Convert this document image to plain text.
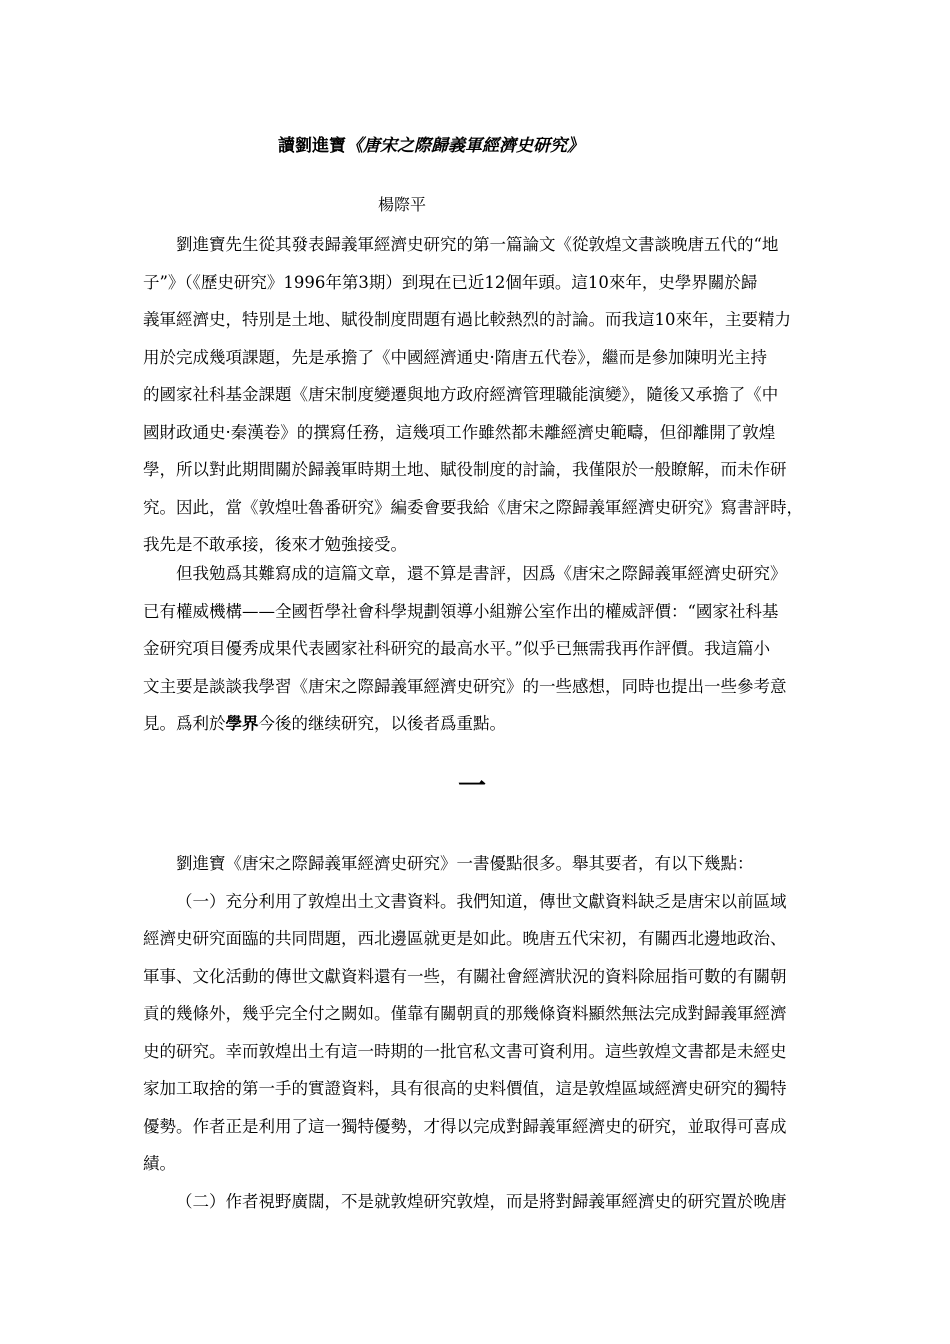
讀劉進寶《唐宋之際歸義軍經濟史研究》
楊際平
劉進寶先生從其發表歸義軍經濟史研究的第一篇論文《從敦煌文書談晚唐五代的“地
子”》（《歷史研究》1996年第3期）到現在已近12個年頭。這10來年，史學界關於歸
義軍經濟史，特別是土地、賦役制度問題有過比較熱烈的討論。而我這10來年，主要精力
用於完成幾項課題，先是承擔了《中國經濟通史·隋唐五代卷》，繼而是參加陳明光主持
的國家社科基金課題《唐宋制度變遷與地方政府經濟管理職能演變》，隨後又承擔了《中
國財政通史·秦漢卷》的撰寫任務，這幾項工作雖然都未離經濟史範疇，但卻離開了敦煌
學，所以對此期間關於歸義軍時期土地、賦役制度的討論，我僅限於一般瞭解，而未作研
究。因此，當《敦煌吐魯番研究》編委會要我給《唐宋之際歸義軍經濟史研究》寫書評時，
我先是不敢承接，後來才勉強接受。
但我勉爲其難寫成的這篇文章，還不算是書評，因爲《唐宋之際歸義軍經濟史研究》
已有權威機構——全國哲學社會科學規劃領導小組辦公室作出的權威評價：“國家社科基
金研究項目優秀成果代表國家社科研究的最高水平。”似乎已無需我再作評價。我這篇小
文主要是談談我學習《唐宋之際歸義軍經濟史研究》的一些感想，同時也提出一些參考意
見。爲利於學界今後的继续研究，以後者爲重點。
一
劉進寶《唐宋之際歸義軍經濟史研究》一書優點很多。舉其要者，有以下幾點：
（一）充分利用了敦煌出土文書資料。我們知道，傳世文獻資料缺乏是唐宋以前區域
經濟史研究面臨的共同問題，西北邊區就更是如此。晚唐五代宋初，有關西北邊地政治、
軍事、文化活動的傳世文獻資料還有一些，有關社會經濟狀況的資料除屈指可數的有關朝
貢的幾條外，幾乎完全付之闕如。僅靠有關朝貢的那幾條資料顯然無法完成對歸義軍經濟
史的研究。幸而敦煌出土有這一時期的一批官私文書可資利用。這些敦煌文書都是未經史
家加工取捨的第一手的實證資料，具有很高的史料價值，這是敦煌區域經濟史研究的獨特
優勢。作者正是利用了這一獨特優勢，才得以完成對歸義軍經濟史的研究，並取得可喜成
績。
（二）作者視野廣闊，不是就敦煌研究敦煌，而是將對歸義軍經濟史的研究置於晚唐
